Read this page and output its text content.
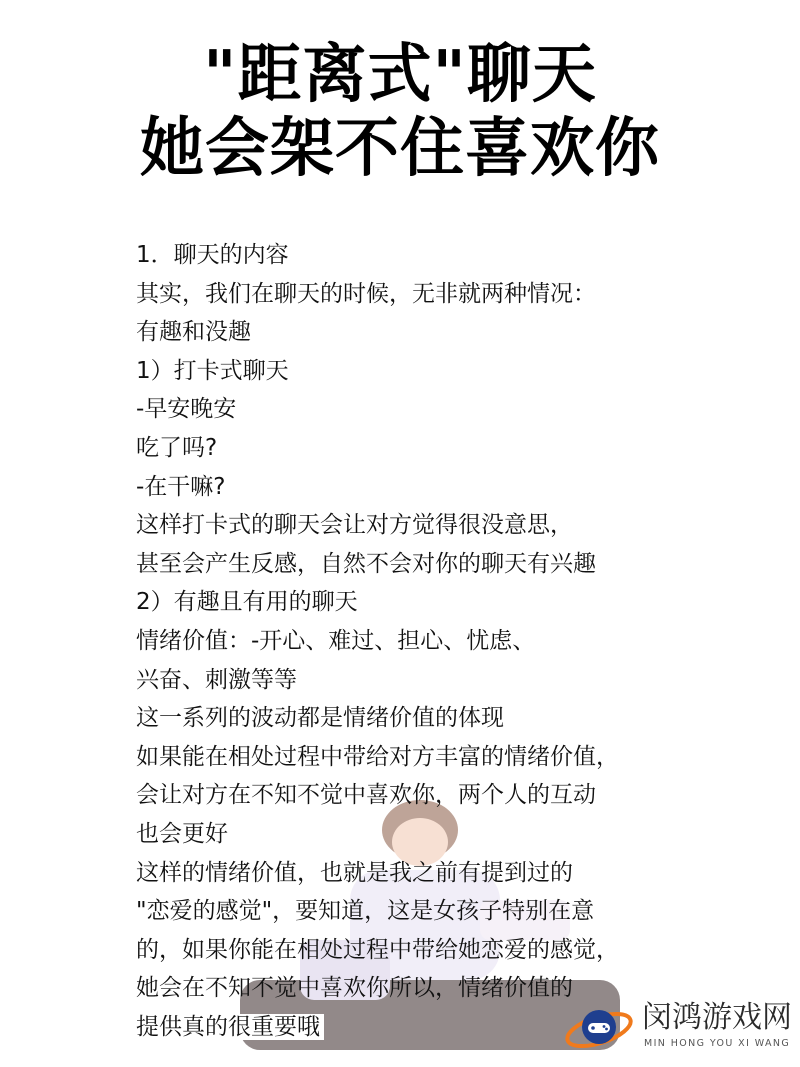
"距离式"聊天
她会架不住喜欢你
1．聊天的内容
其实，我们在聊天的时候，无非就两种情况：
有趣和没趣
1）打卡式聊天
-早安晚安
吃了吗?
-在干嘛?
这样打卡式的聊天会让对方觉得很没意思，
甚至会产生反感，自然不会对你的聊天有兴趣
2）有趣且有用的聊天
情绪价值：-开心、难过、担心、忧虑、
兴奋、刺激等等
这一系列的波动都是情绪价值的体现
如果能在相处过程中带给对方丰富的情绪价值，
会让对方在不知不觉中喜欢你，两个人的互动
也会更好
这样的情绪价值，也就是我之前有提到过的
"恋爱的感觉"，要知道，这是女孩子特别在意
的，如果你能在相处过程中带给她恋爱的感觉，
她会在不知不觉中喜欢你所以，情绪价值的
提供真的很重要哦	闵鸿游戏网
MIN HONG YOU XI WANG
